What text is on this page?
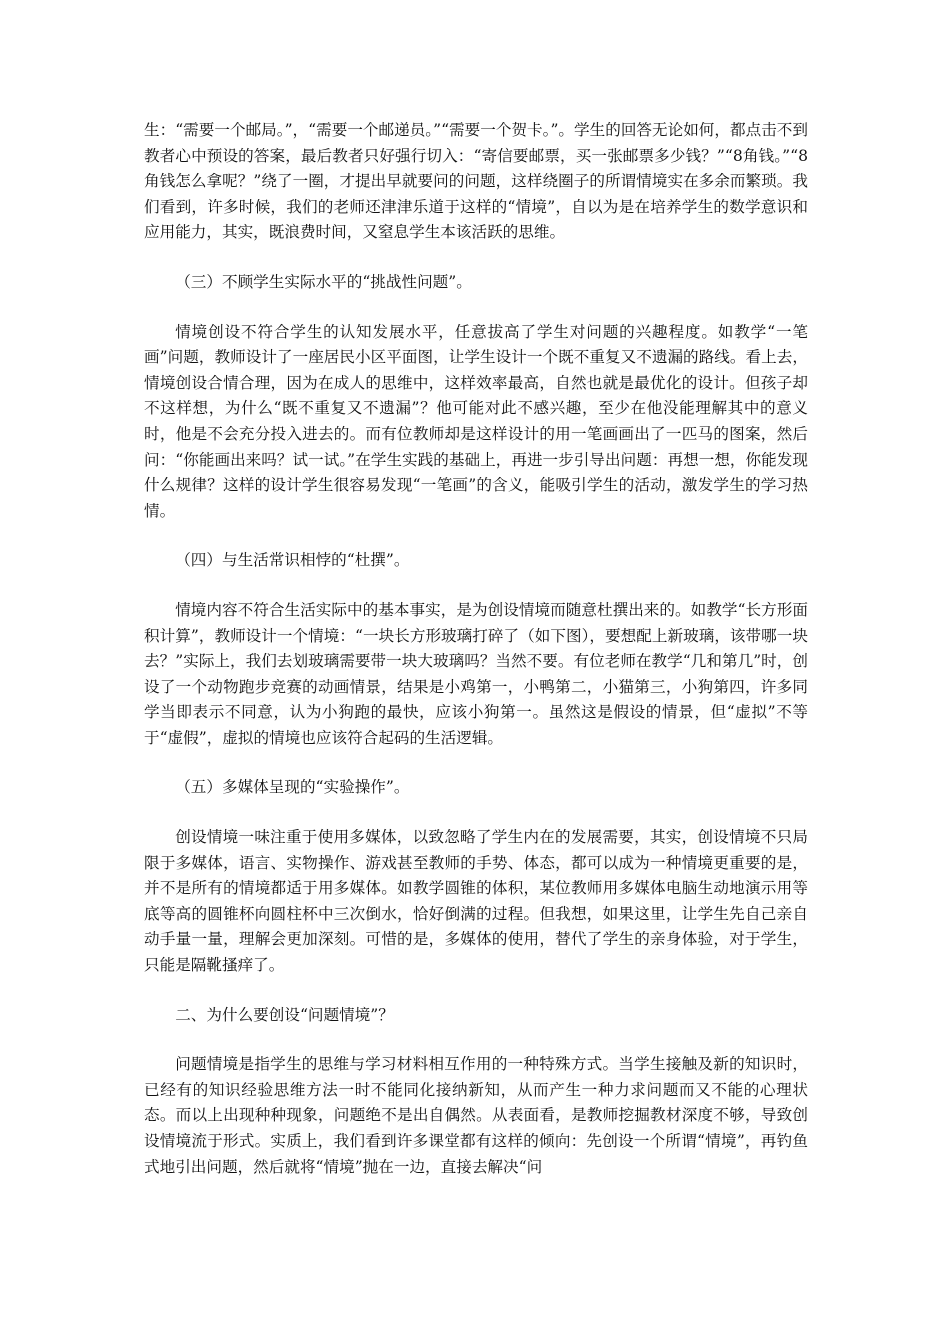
生：“需要一个邮局。”，“需要一个邮递员。”“需要一个贺卡。”。学生的回答无论如何，都点击不到教者心中预设的答案，最后教者只好强行切入：“寄信要邮票，买一张邮票多少钱？”“8角钱。”“8角钱怎么拿呢？”绕了一圈，才提出早就要问的问题，这样绕圈子的所谓情境实在多余而繁琐。我们看到，许多时候，我们的老师还津津乐道于这样的“情境”，自以为是在培养学生的数学意识和应用能力，其实，既浪费时间，又窒息学生本该活跃的思维。

（三）不顾学生实际水平的“挑战性问题”。

情境创设不符合学生的认知发展水平，任意拔高了学生对问题的兴趣程度。如教学“一笔画”问题，教师设计了一座居民小区平面图，让学生设计一个既不重复又不遗漏的路线。看上去，情境创设合情合理，因为在成人的思维中，这样效率最高，自然也就是最优化的设计。但孩子却不这样想，为什么“既不重复又不遗漏”？他可能对此不感兴趣，至少在他没能理解其中的意义时，他是不会充分投入进去的。而有位教师却是这样设计的用一笔画画出了一匹马的图案，然后问：“你能画出来吗？试一试。”在学生实践的基础上，再进一步引导出问题：再想一想，你能发现什么规律？这样的设计学生很容易发现“一笔画”的含义，能吸引学生的活动，激发学生的学习热情。

（四）与生活常识相悖的“杜撰”。

情境内容不符合生活实际中的基本事实，是为创设情境而随意杜撰出来的。如教学“长方形面积计算”，教师设计一个情境：“一块长方形玻璃打碎了（如下图），要想配上新玻璃，该带哪一块去？”实际上，我们去划玻璃需要带一块大玻璃吗？当然不要。有位老师在教学“几和第几”时，创设了一个动物跑步竞赛的动画情景，结果是小鸡第一，小鸭第二，小猫第三，小狗第四，许多同学当即表示不同意，认为小狗跑的最快，应该小狗第一。虽然这是假设的情景，但“虚拟”不等于“虚假”，虚拟的情境也应该符合起码的生活逻辑。

（五）多媒体呈现的“实验操作”。

创设情境一味注重于使用多媒体，以致忽略了学生内在的发展需要，其实，创设情境不只局限于多媒体，语言、实物操作、游戏甚至教师的手势、体态，都可以成为一种情境更重要的是，并不是所有的情境都适于用多媒体。如教学圆锥的体积，某位教师用多媒体电脑生动地演示用等底等高的圆锥杯向圆柱杯中三次倒水，恰好倒满的过程。但我想，如果这里，让学生先自己亲自动手量一量，理解会更加深刻。可惜的是，多媒体的使用，替代了学生的亲身体验，对于学生，只能是隔靴搔痒了。

二、为什么要创设“问题情境”？

问题情境是指学生的思维与学习材料相互作用的一种特殊方式。当学生接触及新的知识时，已经有的知识经验思维方法一时不能同化接纳新知，从而产生一种力求问题而又不能的心理状态。而以上出现种种现象，问题绝不是出自偶然。从表面看，是教师挖掘教材深度不够，导致创设情境流于形式。实质上，我们看到许多课堂都有这样的倾向：先创设一个所谓“情境”，再钓鱼式地引出问题，然后就将“情境”抛在一边，直接去解决“问
